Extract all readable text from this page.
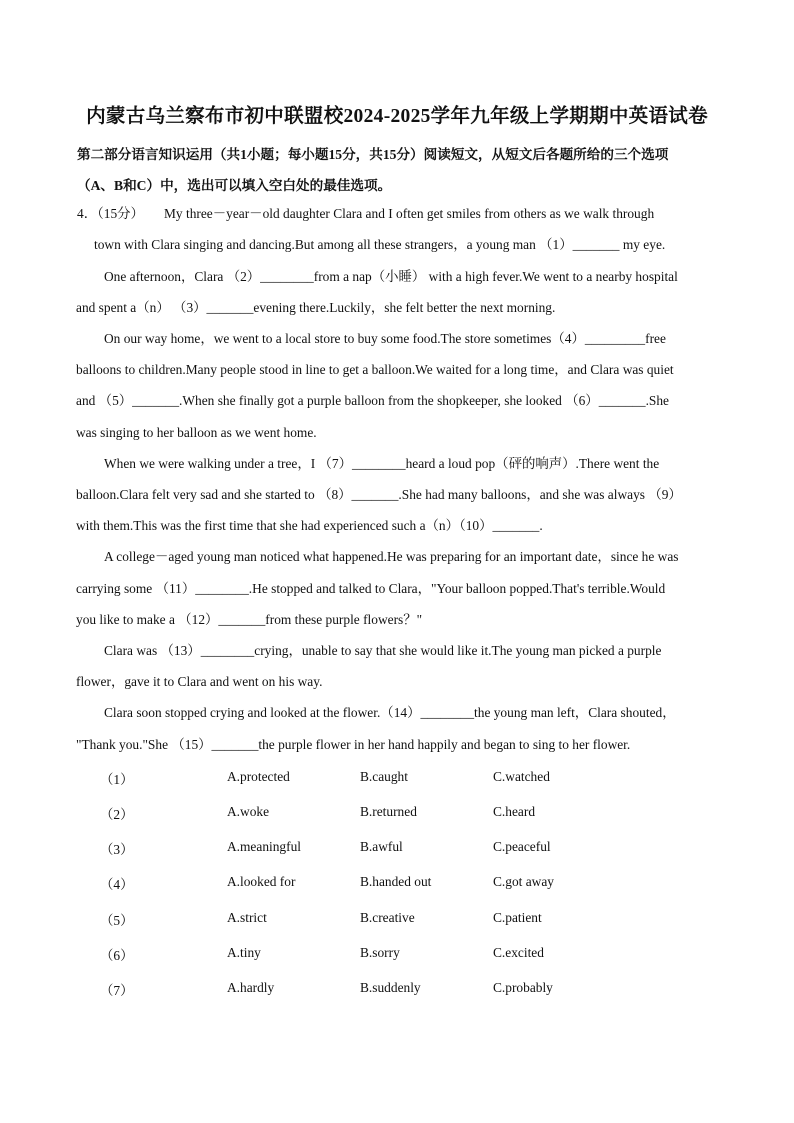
内蒙古乌兰察布市初中联盟校2024-2025学年九年级上学期期中英语试卷
第二部分语言知识运用（共1小题；每小题15分，共15分）阅读短文，从短文后各题所给的三个选项
（A、B和C）中，选出可以填入空白处的最佳选项。
4．（15分）　　My three－year－old daughter Clara and I often get smiles from others as we walk through
town with Clara singing and dancing.But among all these strangers，a young man （1）_______ my eye.
One afternoon，Clara （2）________from a nap（小睡） with a high fever.We went to a nearby hospital
and spent a（n） （3）_______evening there.Luckily，she felt better the next morning.
On our way home，we went to a local store to buy some food.The store sometimes（4）_________free
balloons to children.Many people stood in line to get a balloon.We waited for a long time，and Clara was quiet
and （5）_______.When she finally got a purple balloon from the shopkeeper, she looked （6）_______.She
was singing to her balloon as we went home.
When we were walking under a tree，I （7）________heard a loud pop（砰的响声）.There went the
balloon.Clara felt very sad and she started to （8）_______.She had many balloons，and she was always （9）
with them.This was the first time that she had experienced such a（n）（10）_______.
A college－aged young man noticed what happened.He was preparing for an important date，since he was
carrying some （11）________.He stopped and talked to Clara，"Your balloon popped.That's terrible.Would
you like to make a （12）_______from these purple flowers？"
Clara was （13）________crying，unable to say that she would like it.The young man picked a purple
flower，gave it to Clara and went on his way.
Clara soon stopped crying and looked at the flower.（14）________the young man left，Clara shouted，
"Thank you."She （15）_______the purple flower in her hand happily and began to sing to her flower.
（1）	A.protected	B.caught	C.watched
（2）	A.woke	B.returned	C.heard
（3）	A.meaningful	B.awful	C.peaceful
（4）	A.looked for	B.handed out	C.got away
（5）	A.strict	B.creative	C.patient
（6）	A.tiny	B.sorry	C.excited
（7）	A.hardly	B.suddenly	C.probably
